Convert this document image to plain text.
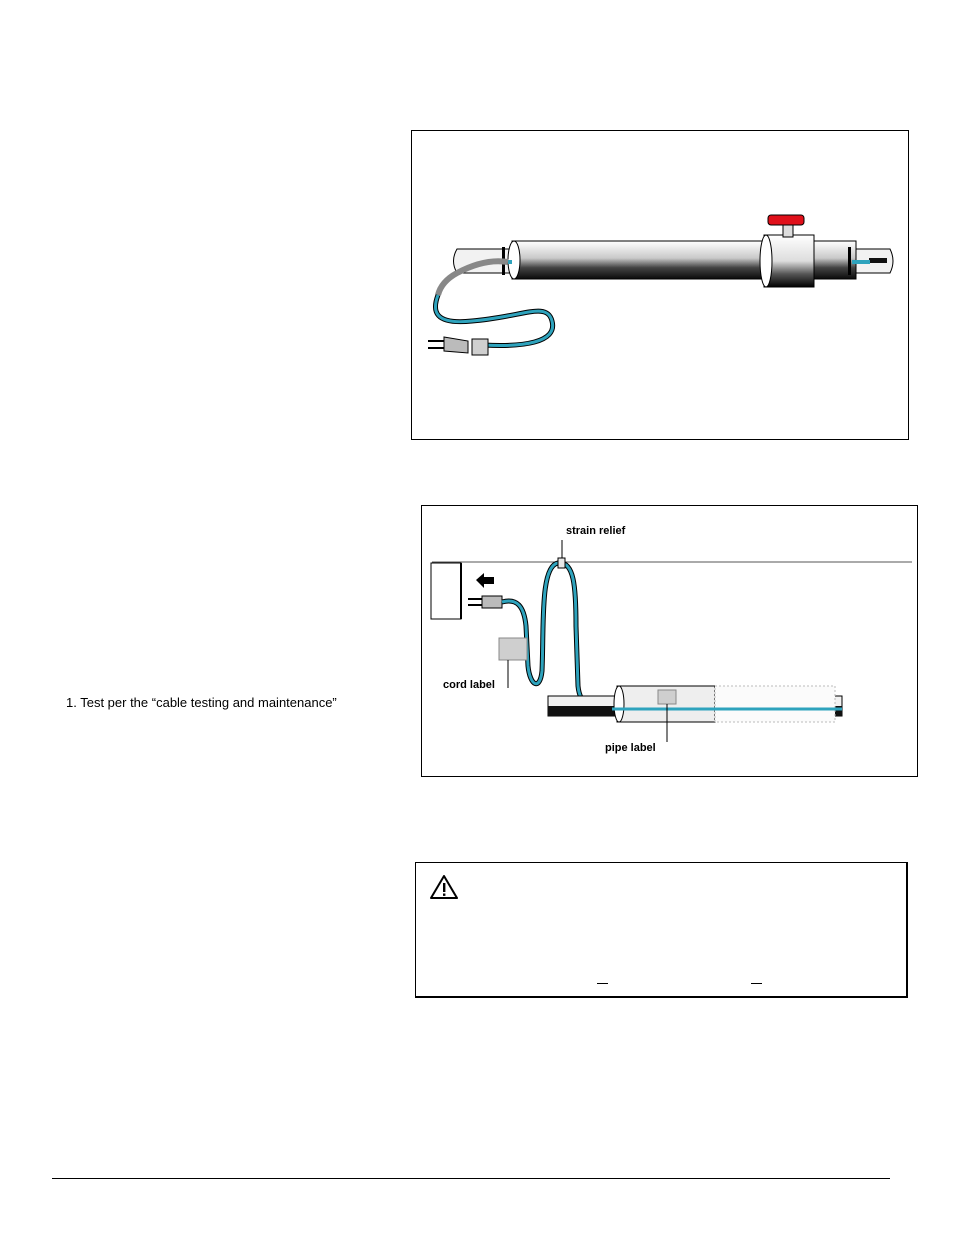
strain relief
cord label
pipe label
1. Test per the “cable testing and maintenance”
